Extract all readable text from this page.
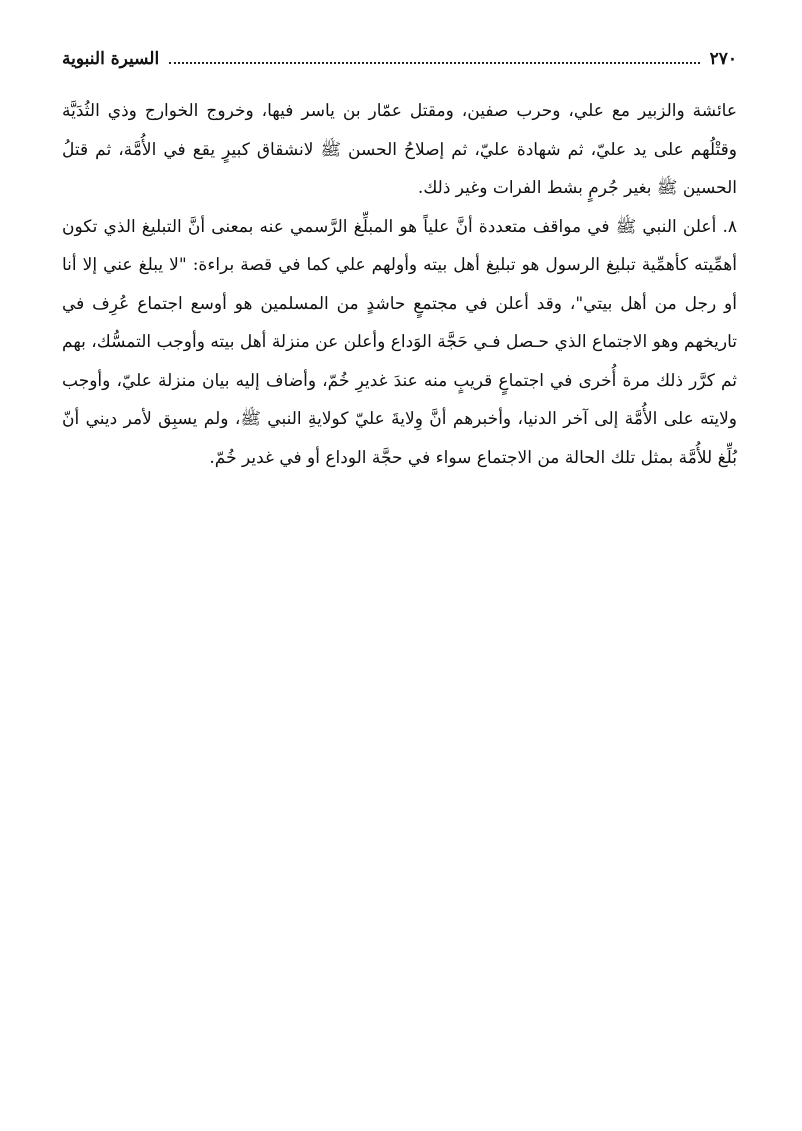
٢٧٠
السيرة النبوية

عائشة والزبير مع علي، وحرب صفين، ومقتل عمّار بن ياسر فيها، وخروج الخوارج وذي الثُدَيَّة وقتْلُهم على يد عليّ، ثم شهادة عليّ، ثم إصلاحُ الحسن ﷺ لانشقاق كبيرٍ يقع في الأُمَّة، ثم قتلُ الحسين ﷺ بغير جُرمٍ بشط الفرات وغير ذلك.

٨. أعلن النبي ﷺ في مواقف متعددة أنَّ علياً هو المبلِّغ الرَّسمي عنه بمعنى أنَّ التبليغ الذي تكون أهمِّيته كأهمِّية تبليغ الرسول هو تبليغ أهل بيته وأولهم علي كما في قصة براءة: "لا يبلغ عني إلا أنا أو رجل من أهل بيتي"، وقد أعلن في مجتمعٍ حاشدٍ من المسلمين هو أوسع اجتماع عُرِف في تاريخهم وهو الاجتماع الذي حـصل فـي حَجَّة الوَداع وأعلن عن منزلة أهل بيته وأوجب التمسُّك، بهم ثم كرَّر ذلك مرة أُخرى في اجتماعٍ قريبٍ منه عندَ غديرِ خُمّ، وأضاف إليه بيان منزلة عليّ، وأوجب ولايته على الأُمَّة إلى آخر الدنيا، وأخبرهم أنَّ وِلايةَ عليّ كولايةِ النبي ﷺ، ولم يسبِق لأمر ديني أنّ بُلِّغ للأُمَّة بمثل تلك الحالة من الاجتماع سواء في حجَّة الوداع أو في غدير خُمّ.
